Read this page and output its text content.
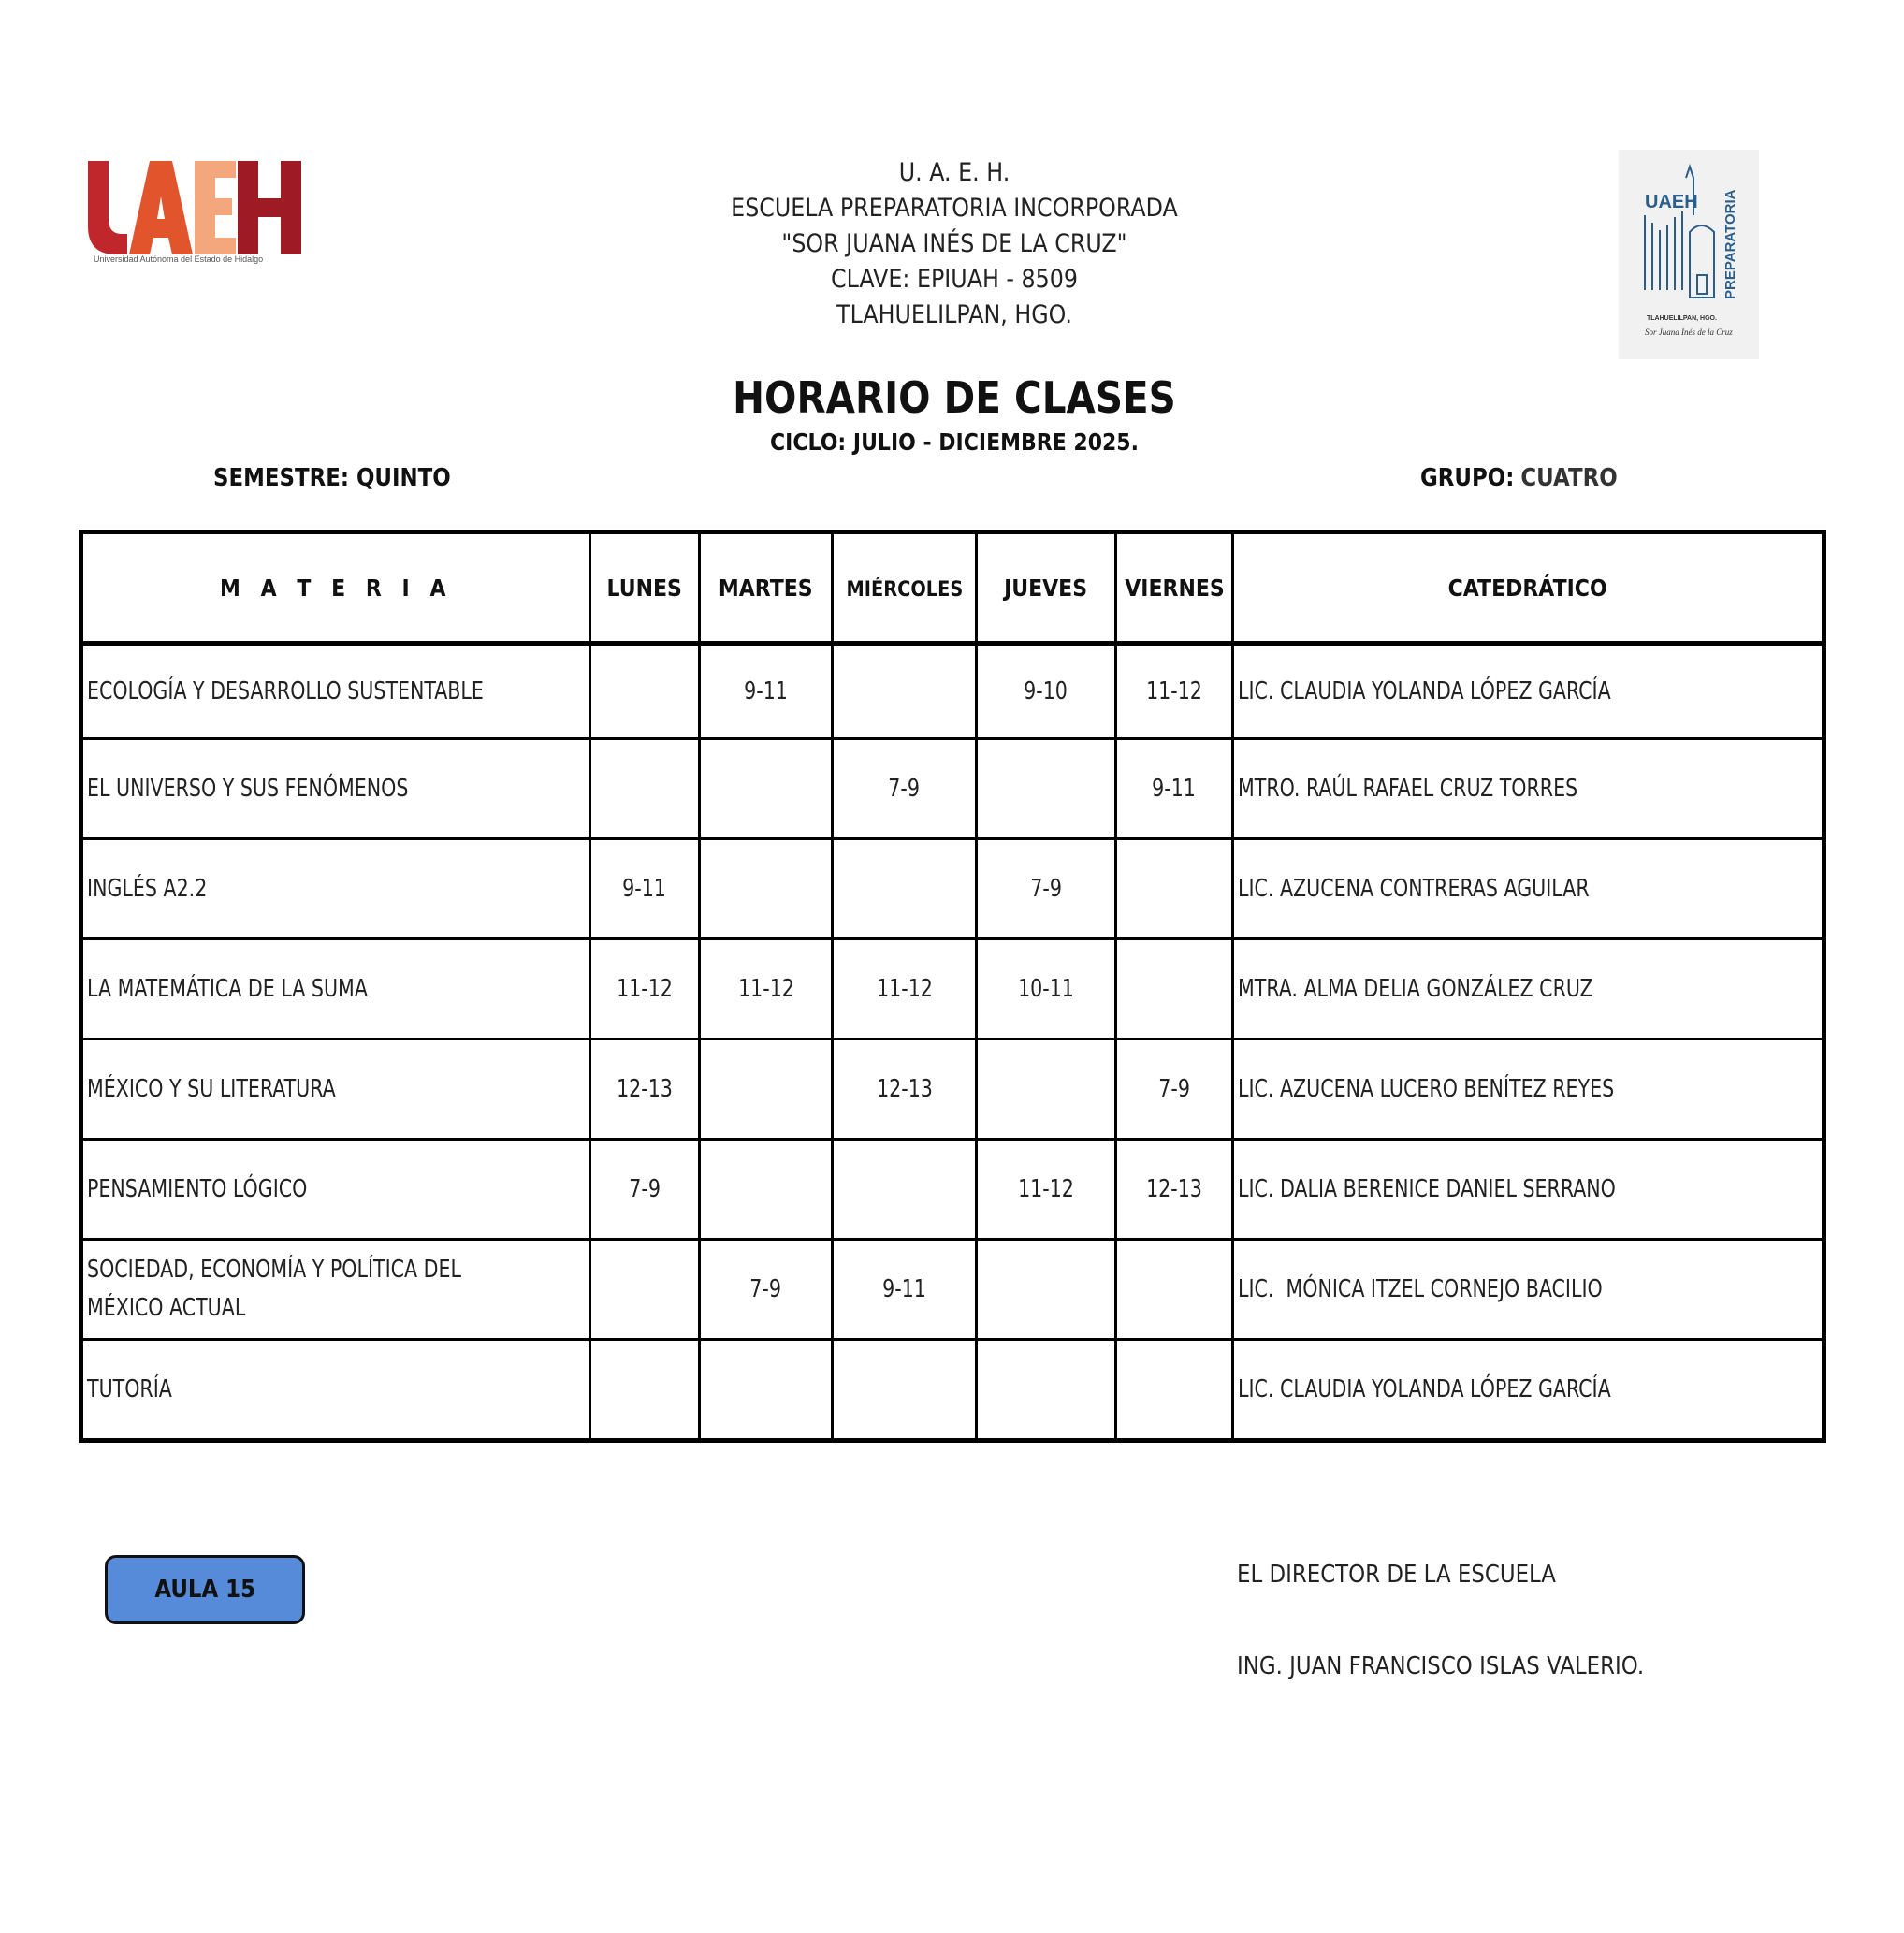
Universidad Autónoma del Estado de Hidalgo
UAEH PREPARATORIA
TLAHUELILPAN, HGO.
Sor Juana Inés de la Cruz
U. A. E. H.
ESCUELA PREPARATORIA INCORPORADA
"SOR JUANA INÉS DE LA CRUZ"
CLAVE: EPIUAH - 8509
TLAHUELILPAN, HGO.
HORARIO DE CLASES
CICLO: JULIO - DICIEMBRE 2025.
SEMESTRE: QUINTO	GRUPO: CUATRO
M A T E R I A	LUNES	MARTES	MIÉRCOLES	JUEVES	VIERNES	CATEDRÁTICO
ECOLOGÍA Y DESARROLLO SUSTENTABLE		9-11		9-10	11-12	LIC. CLAUDIA YOLANDA LÓPEZ GARCÍA
EL UNIVERSO Y SUS FENÓMENOS			7-9		9-11	MTRO. RAÚL RAFAEL CRUZ TORRES
INGLÉS A2.2	9-11			7-9		LIC. AZUCENA CONTRERAS AGUILAR
LA MATEMÁTICA DE LA SUMA	11-12	11-12	11-12	10-11		MTRA. ALMA DELIA GONZÁLEZ CRUZ
MÉXICO Y SU LITERATURA	12-13		12-13		7-9	LIC. AZUCENA LUCERO BENÍTEZ REYES
PENSAMIENTO LÓGICO	7-9			11-12	12-13	LIC. DALIA BERENICE DANIEL SERRANO

SOCIEDAD, ECONOMÍA Y POLÍTICA DEL
MÉXICO ACTUAL		7-9	9-11			LIC.  MÓNICA ITZEL CORNEJO BACILIO
TUTORÍA						LIC. CLAUDIA YOLANDA LÓPEZ GARCÍA
AULA 15
EL DIRECTOR DE LA ESCUELA
ING. JUAN FRANCISCO ISLAS VALERIO.
